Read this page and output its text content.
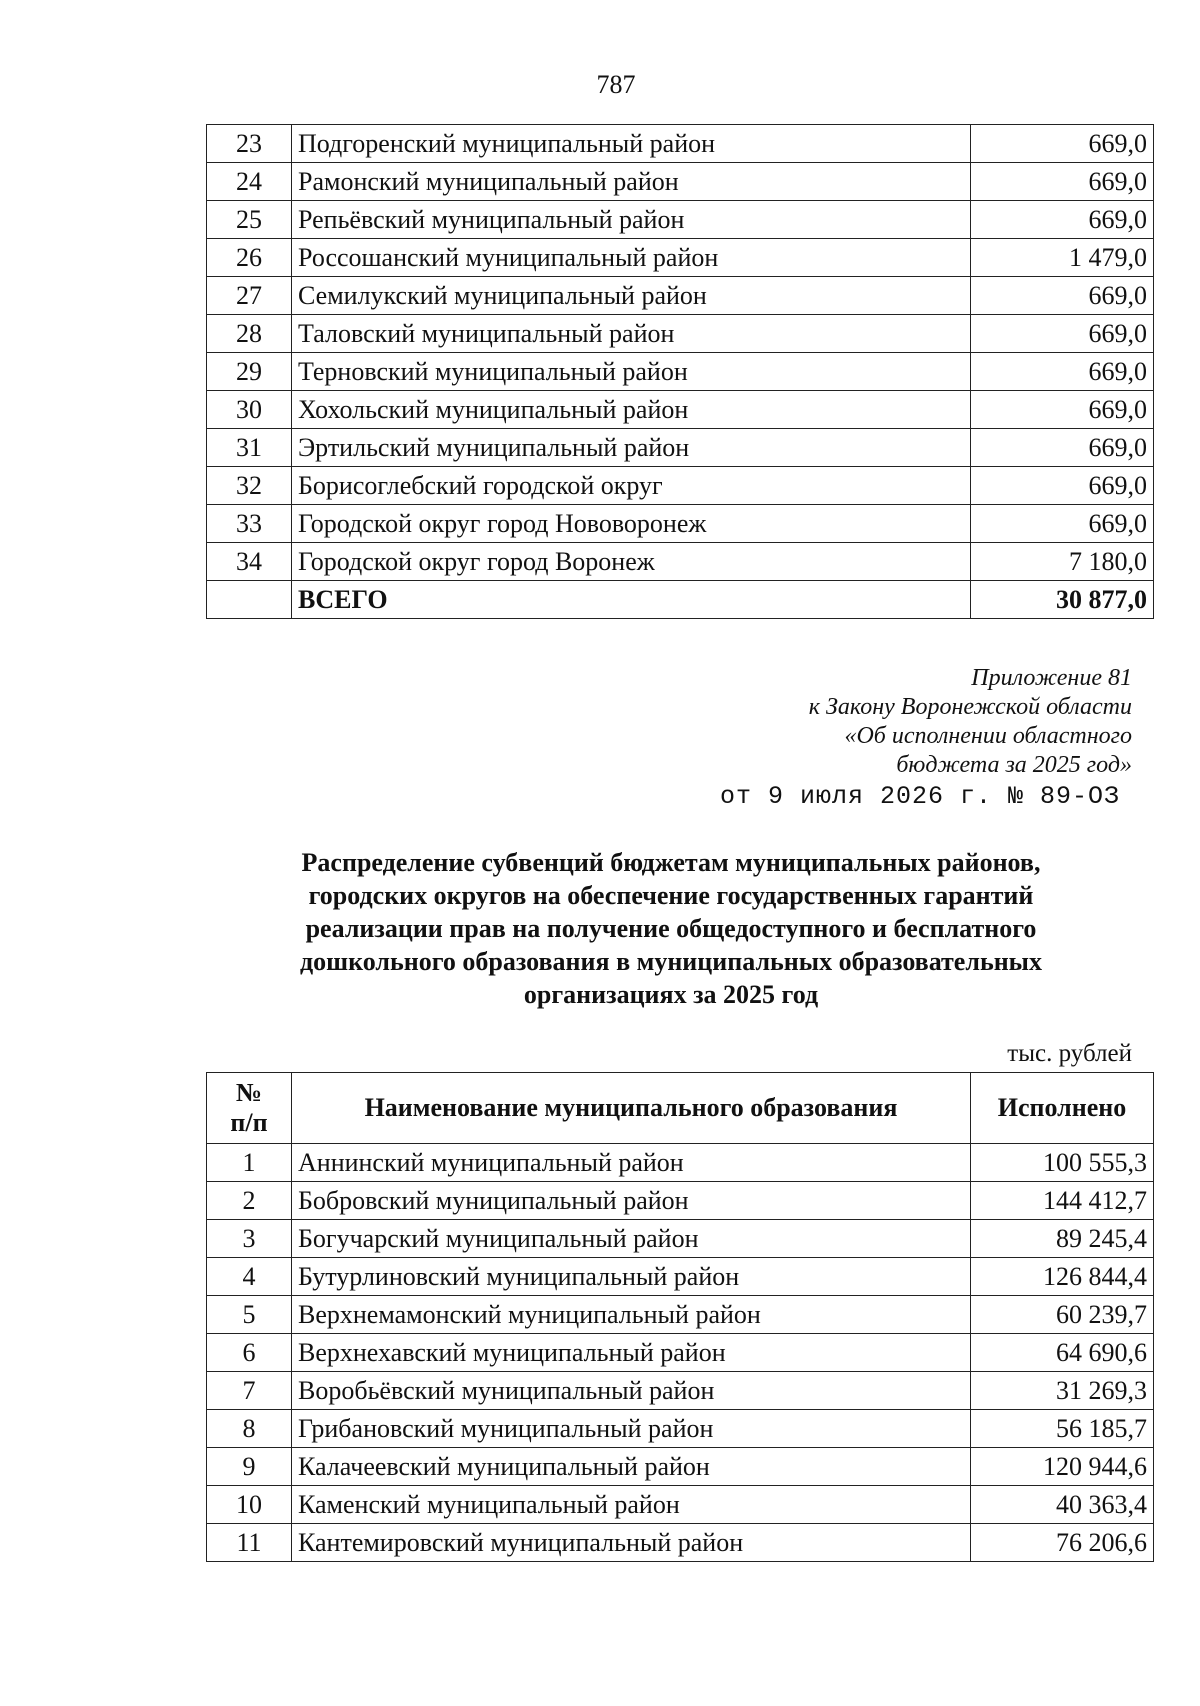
787
23	Подгоренский муниципальный район	669,0
24	Рамонский муниципальный район	669,0
25	Репьёвский муниципальный район	669,0
26	Россошанский муниципальный район	1 479,0
27	Семилукский муниципальный район	669,0
28	Таловский муниципальный район	669,0
29	Терновский муниципальный район	669,0
30	Хохольский муниципальный район	669,0
31	Эртильский муниципальный район	669,0
32	Борисоглебский городской округ	669,0
33	Городской округ город Нововоронеж	669,0
34	Городской округ город Воронеж	7 180,0
	ВСЕГО	30 877,0
Приложение 81
к Закону Воронежской области
«Об исполнении областного
бюджета за 2025 год»
от 9 июля 2026 г. № 89-ОЗ
Распределение субвенций бюджетам муниципальных районов,
городских округов на обеспечение государственных гарантий
реализации прав на получение общедоступного и бесплатного
дошкольного образования в муниципальных образовательных
организациях за 2025 год
тыс. рублей
№
п/п	Наименование муниципального образования	Исполнено
1	Аннинский муниципальный район	100 555,3
2	Бобровский муниципальный район	144 412,7
3	Богучарский муниципальный район	89 245,4
4	Бутурлиновский муниципальный район	126 844,4
5	Верхнемамонский муниципальный район	60 239,7
6	Верхнехавский муниципальный район	64 690,6
7	Воробьёвский муниципальный район	31 269,3
8	Грибановский муниципальный район	56 185,7
9	Калачеевский муниципальный район	120 944,6
10	Каменский муниципальный район	40 363,4
11	Кантемировский муниципальный район	76 206,6
